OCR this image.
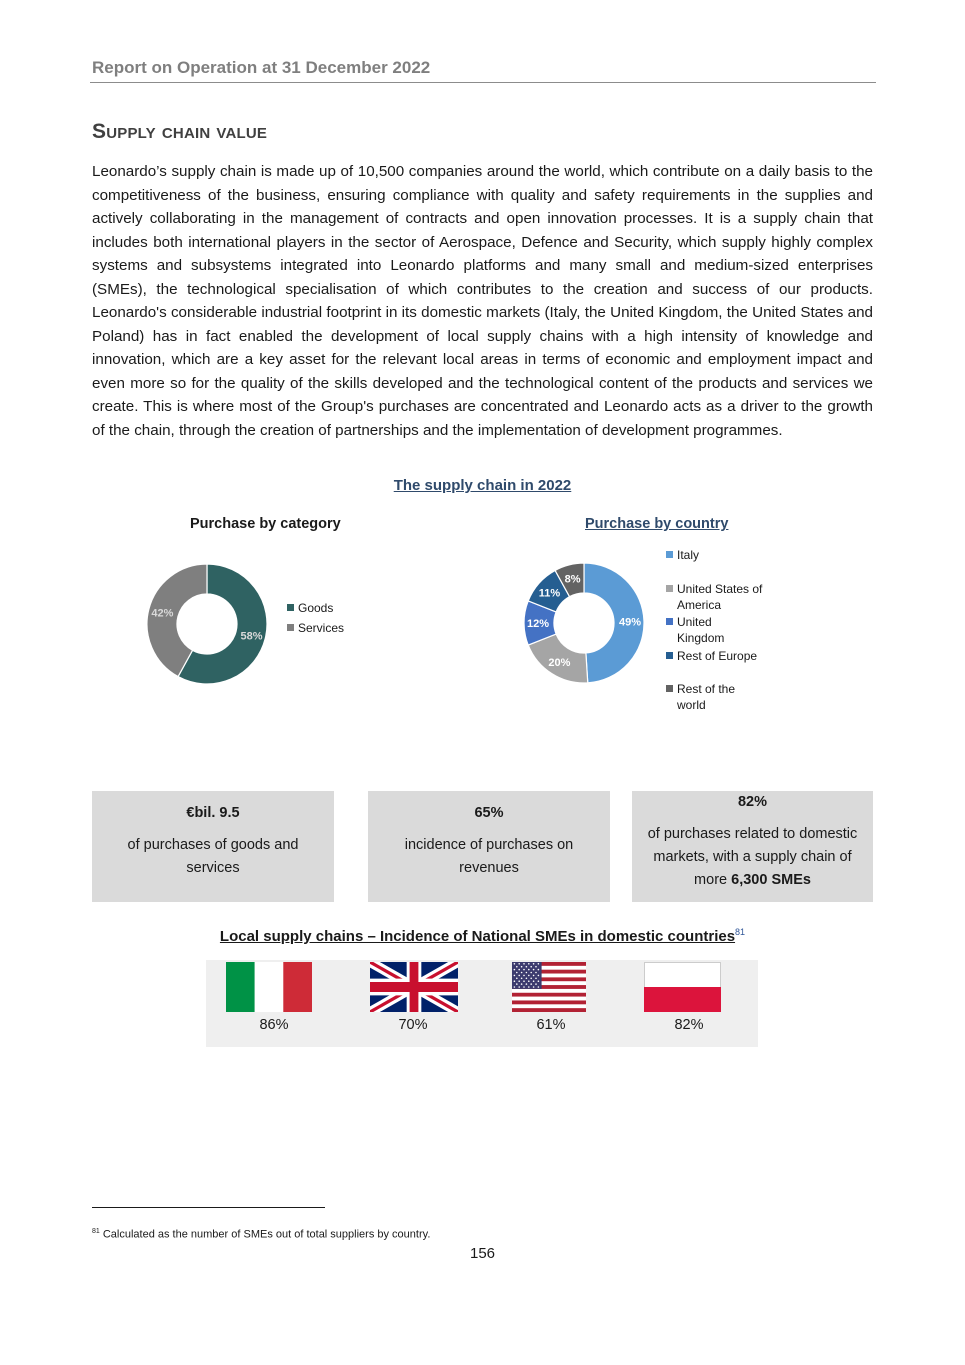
Report on Operation at 31 December 2022
Supply chain value
Leonardo’s supply chain is made up of 10,500 companies around the world, which contribute on a daily basis to the competitiveness of the business, ensuring compliance with quality and safety requirements in the supplies and actively collaborating in the management of contracts and open innovation processes. It is a supply chain that includes both international players in the sector of Aerospace, Defence and Security, which supply highly complex systems and subsystems integrated into Leonardo platforms and many small and medium-sized enterprises (SMEs), the technological specialisation of which contributes to the creation and success of our products. Leonardo's considerable industrial footprint in its domestic markets (Italy, the United Kingdom, the United States and Poland) has in fact enabled the development of local supply chains with a high intensity of knowledge and innovation, which are a key asset for the relevant local areas in terms of economic and employment impact and even more so for the quality of the skills developed and the technological content of the products and services we create. This is where most of the Group's purchases are concentrated and Leonardo acts as a driver to the growth of the chain, through the creation of partnerships and the implementation of development programmes.
The supply chain in 2022
Purchase by category
58%
42%	Goods
Services
Purchase by country
49%
20%
12%
11%
8%
Italy
United States of America
United Kingdom
Rest of Europe
Rest of the world
€bil. 9.5
of purchases of goods and services
65%
incidence of purchases on revenues
82%
of purchases related to domestic markets, with a supply chain of more 6,300 SMEs
Local supply chains – Incidence of National SMEs in domestic countries$^{81}$
86%	70%	61%	82%
$^{81}$ Calculated as the number of SMEs out of total suppliers by country.
156
